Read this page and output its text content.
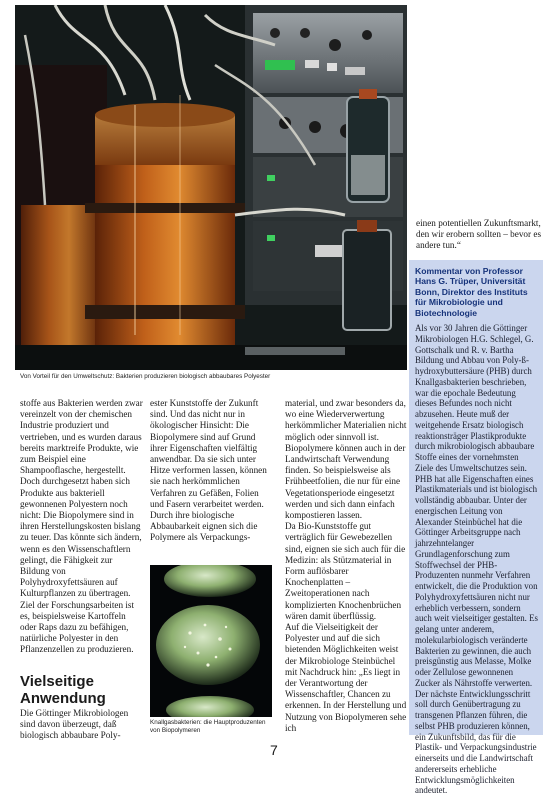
Von Vorteil für den Umweltschutz: Bakterien produzieren biologisch abbaubares Polyester

stoffe aus Bakterien werden zwar vereinzelt von der chemischen Industrie produziert und vertrieben, und es wurden daraus bereits marktreife Produkte, wie zum Beispiel eine Shampooflasche, hergestellt. Doch durchgesetzt haben sich Produkte aus bakteriell gewonnenen Polyestern noch nicht: Die Biopolymere sind in ihren Herstellungskosten bislang zu teuer. Das könnte sich ändern, wenn es den Wissenschaftlern gelingt, die Fähigkeit zur Bildung von Polyhydroxyfettsäuren auf Kulturpflanzen zu übertragen. Ziel der Forschungsarbeiten ist es, beispielsweise Kartoffeln oder Raps dazu zu befähigen, natürliche Polyester in den Pflanzenzellen zu produzieren.

Vielseitige Anwendung

Die Göttinger Mikrobiologen sind davon überzeugt, daß biologisch abbaubare Poly-

ester Kunststoffe der Zukunft sind. Und das nicht nur in ökologischer Hinsicht: Die Biopolymere sind auf Grund ihrer Eigenschaften vielfältig anwendbar. Da sie sich unter Hitze verformen lassen, können sie nach herkömmlichen Verfahren zu Gefäßen, Folien und Fasern verarbeitet werden. Durch ihre biologische Abbaubarkeit eignen sich die Polymere als Verpackungs-

Knallgasbakterien: die Hauptproduzenten von Biopolymeren

material, und zwar besonders da, wo eine Wiederverwertung herkömmlicher Materialien nicht möglich oder sinnvoll ist.

Biopolymere können auch in der Landwirtschaft Verwendung finden. So beispielsweise als Frühbeetfolien, die nur für eine Vegetationsperiode eingesetzt werden und sich dann einfach kompostieren lassen.

Da Bio-Kunststoffe gut verträglich für Gewebezellen sind, eignen sie sich auch für die Medizin: als Stützmaterial in Form auflösbarer Knochenplatten – Zweitoperationen nach komplizierten Knochenbrüchen wären damit überflüssig.

Auf die Vielseitigkeit der Polyester und auf die sich bietenden Möglichkeiten weist der Mikrobiologe Steinbüchel mit Nachdruck hin: „Es liegt in der Verantwortung der Wissenschaftler, Chancen zu erkennen. In der Herstellung und Nutzung von Biopolymeren sehe ich

einen potentiellen Zukunftsmarkt, den wir erobern sollten – bevor es andere tun.“
Kommentar von Professor Hans G. Trüper, Universität Bonn, Direktor des Instituts für Mikrobiologie und Biotechnologie
Als vor 30 Jahren die Göttinger Mikrobiologen H.G. Schlegel, G. Gottschalk und R. v. Bartha Bildung und Abbau von Poly-ß-hydroxybuttersäure (PHB) durch Knallgasbakterien beschrieben, war die epochale Bedeutung dieses Befundes noch nicht abzusehen. Heute muß der weitgehende Ersatz biologisch reaktionsträger Plastikprodukte durch mikrobiologisch abbaubare Stoffe eines der vornehmsten Ziele des Umweltschutzes sein. PHB hat alle Eigenschaften eines Plastikmaterials und ist biologisch vollständig abbaubar. Unter der energischen Leitung von Alexander Steinbüchel hat die Göttinger Arbeitsgruppe nach jahrzehntelanger Grundlagenforschung zum Stoffwechsel der PHB-Produzenten nunmehr Verfahren entwickelt, die die Produktion von Polyhydroxyfettsäuren nicht nur erheblich verbessern, sondern auch weit vielseitiger gestalten. Es gelang unter anderem, molekularbiologisch veränderte Bakterien zu gewinnen, die auch preisgünstig aus Melasse, Molke oder Zellulose gewonnenen Zucker als Nährstoffe verwerten. Der nächste Entwicklungsschritt soll durch Genübertragung zu transgenen Pflanzen führen, die selbst PHB produzieren können, ein Zukunftsbild, das für die Plastik- und Verpackungsindustrie einerseits und die Landwirtschaft andererseits erhebliche Entwicklungsmöglichkeiten andeutet.
7
